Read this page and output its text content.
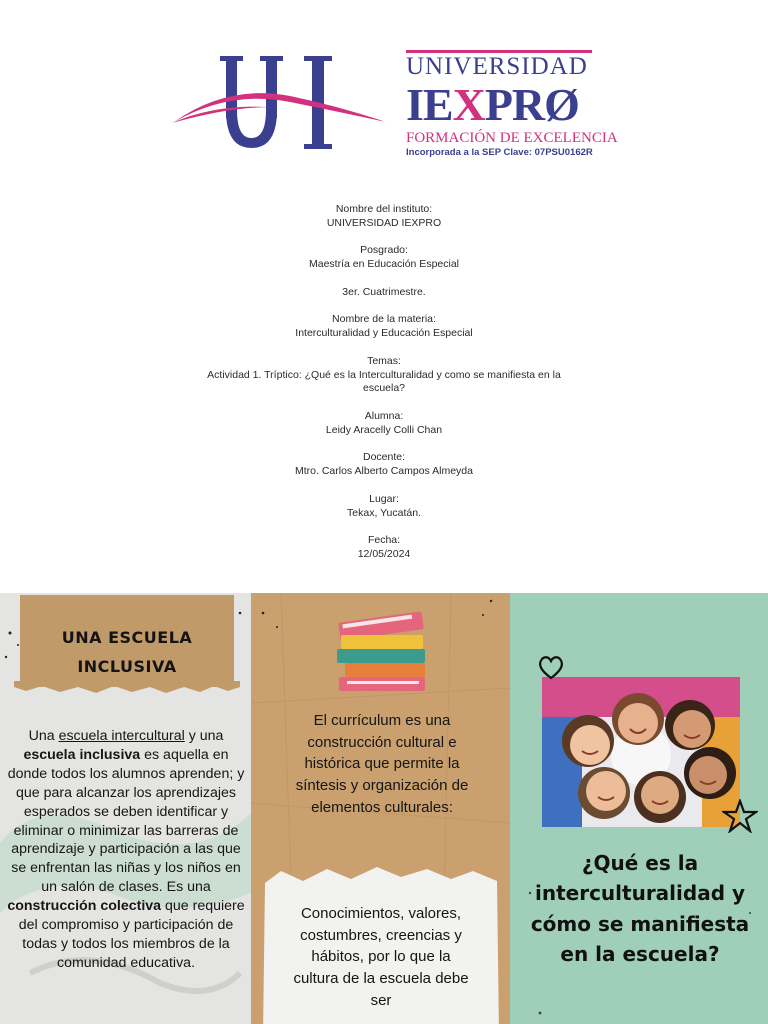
UNIVERSIDAD
IEXPRØ
FORMACIÓN DE EXCELENCIA
Incorporada a la SEP Clave: 07PSU0162R
Nombre del instituto:
UNIVERSIDAD IEXPRO
Posgrado:
Maestría en Educación Especial
3er. Cuatrimestre.
Nombre de la materia:
Interculturalidad y Educación Especial
Temas:
Actividad 1. Tríptico: ¿Qué es la Interculturalidad y como se manifiesta en la
escuela?
Alumna:
Leidy Aracelly Colli Chan
Docente:
Mtro. Carlos Alberto Campos Almeyda
Lugar:
Tekax, Yucatán.
Fecha:
12/05/2024
UNA ESCUELA
INCLUSIVA
Una escuela intercultural y una escuela inclusiva es aquella en donde todos los alumnos aprenden; y que para alcanzar los aprendizajes esperados se deben identificar y eliminar o minimizar las barreras de aprendizaje y participación a las que se enfrentan las niñas y los niños en un salón de clases. Es una construcción colectiva que requiere del compromiso y participación de todas y todos los miembros de la comunidad educativa.
El currículum es una construcción cultural e histórica que permite la síntesis y organización de elementos culturales:
Conocimientos, valores, costumbres, creencias y hábitos, por lo que la cultura de la escuela debe ser
¿Qué es la interculturalidad y cómo se manifiesta en la escuela?
